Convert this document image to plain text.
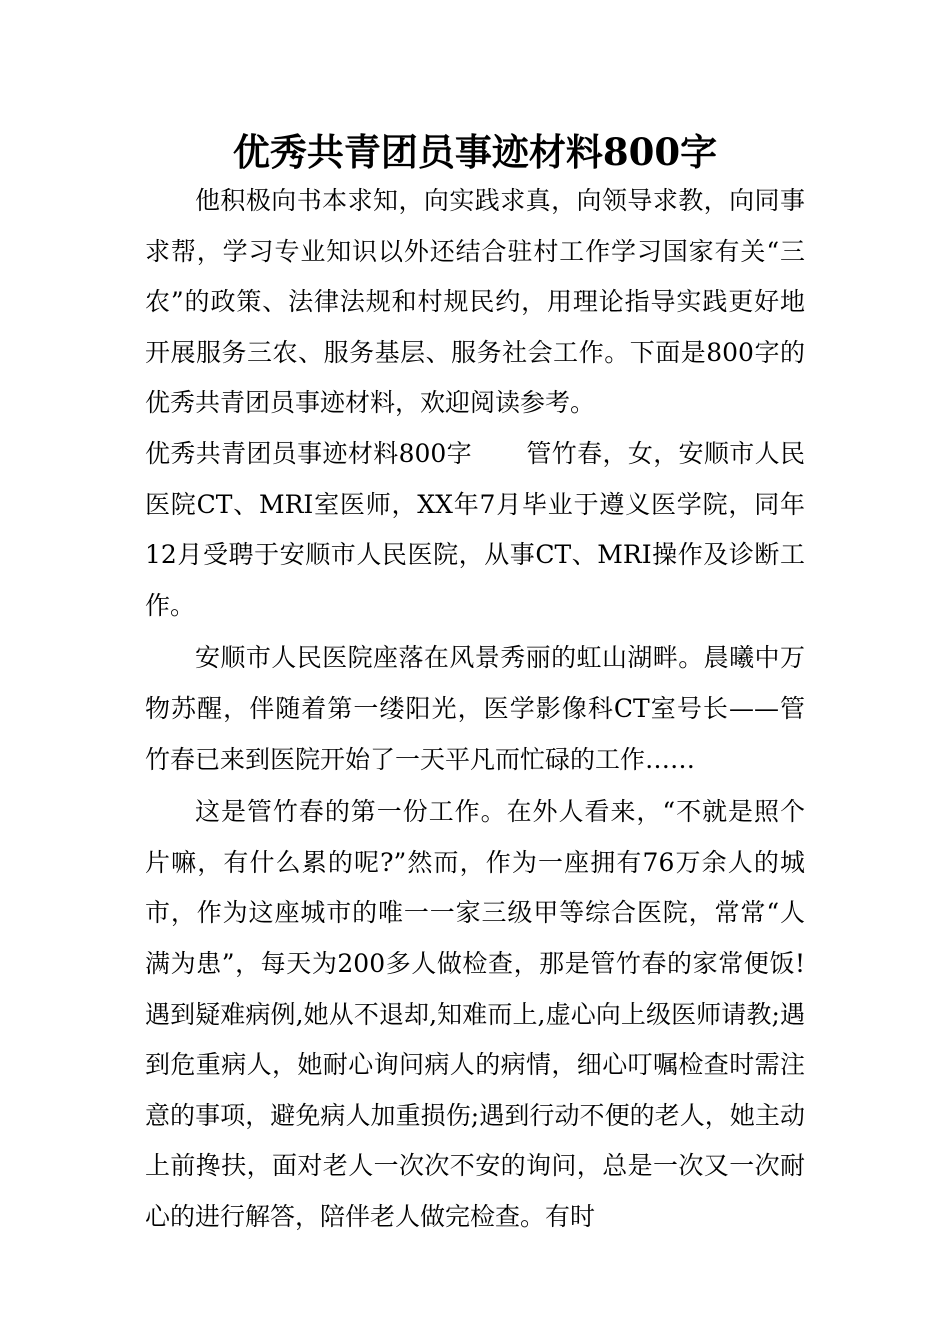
优秀共青团员事迹材料800字

他积极向书本求知，向实践求真，向领导求教，向同事求帮，学习专业知识以外还结合驻村工作学习国家有关“三农”的政策、法律法规和村规民约，用理论指导实践更好地开展服务三农、服务基层、服务社会工作。下面是800字的优秀共青团员事迹材料，欢迎阅读参考。

优秀共青团员事迹材料800字 管竹春，女，安顺市人民医院CT、MRI室医师，XX年7月毕业于遵义医学院，同年12月受聘于安顺市人民医院，从事CT、MRI操作及诊断工作。

安顺市人民医院座落在风景秀丽的虹山湖畔。晨曦中万物苏醒，伴随着第一缕阳光，医学影像科CT室号长——管竹春已来到医院开始了一天平凡而忙碌的工作……

这是管竹春的第一份工作。在外人看来，“不就是照个片嘛，有什么累的呢?”然而，作为一座拥有76万余人的城市，作为这座城市的唯一一家三级甲等综合医院，常常“人满为患”，每天为200多人做检查，那是管竹春的家常便饭!遇到疑难病例,她从不退却,知难而上,虚心向上级医师请教;遇到危重病人，她耐心询问病人的病情，细心叮嘱检查时需注意的事项，避免病人加重损伤;遇到行动不便的老人，她主动上前搀扶，面对老人一次次不安的询问，总是一次又一次耐心的进行解答，陪伴老人做完检查。有时
